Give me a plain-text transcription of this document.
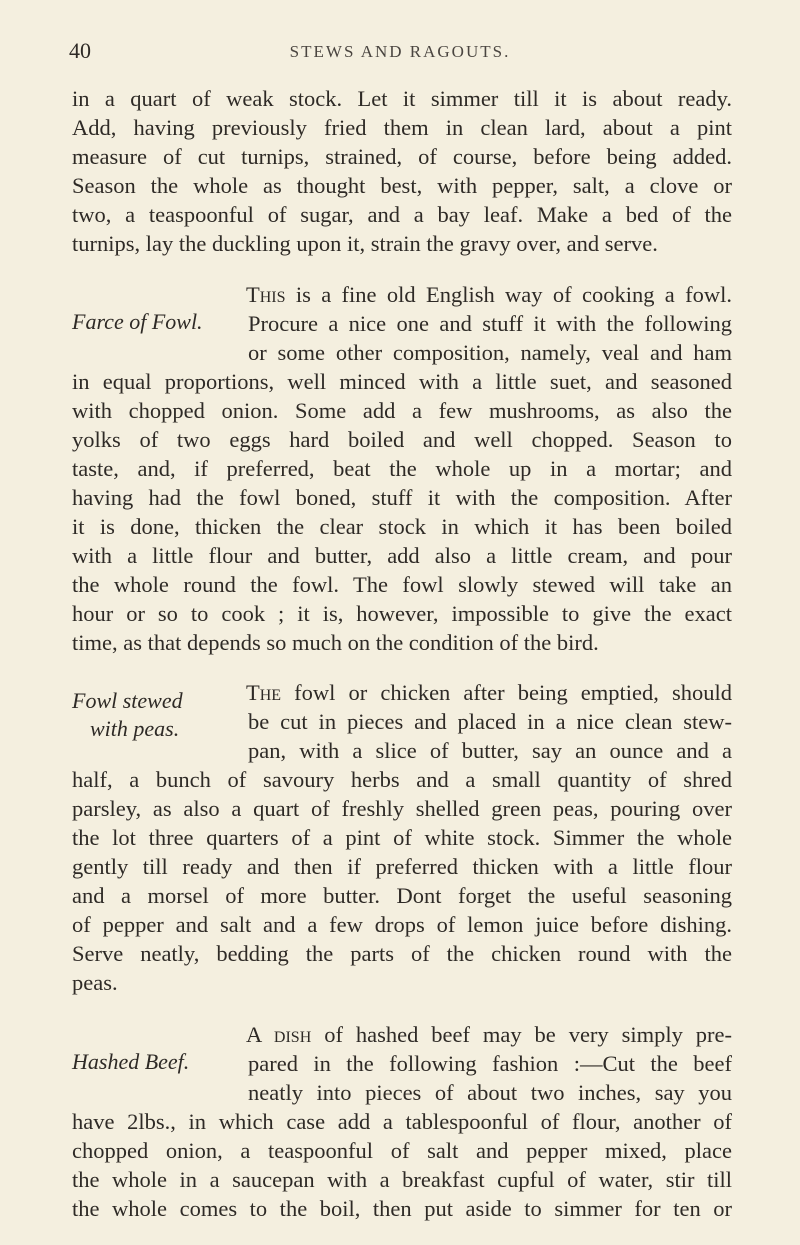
40	STEWS AND RAGOUTS.
in a quart of weak stock. Let it simmer till it is about ready.
Add, having previously fried them in clean lard, about a pint
measure of cut turnips, strained, of course, before being added.
Season the whole as thought best, with pepper, salt, a clove or
two, a teaspoonful of sugar, and a bay leaf. Make a bed of the
turnips, lay the duckling upon it, strain the gravy over, and serve.
This is a fine old English way of cooking a fowl.
Farce of Fowl. Procure a nice one and stuff it with the following
or some other composition, namely, veal and ham
in equal proportions, well minced with a little suet, and seasoned
with chopped onion. Some add a few mushrooms, as also the
yolks of two eggs hard boiled and well chopped. Season to
taste, and, if preferred, beat the whole up in a mortar; and
having had the fowl boned, stuff it with the composition. After
it is done, thicken the clear stock in which it has been boiled
with a little flour and butter, add also a little cream, and pour
the whole round the fowl. The fowl slowly stewed will take an
hour or so to cook ; it is, however, impossible to give the exact
time, as that depends so much on the condition of the bird.
The fowl or chicken after being emptied, should
Fowl stewed
be cut in pieces and placed in a nice clean stew-
with peas.
pan, with a slice of butter, say an ounce and a
half, a bunch of savoury herbs and a small quantity of shred
parsley, as also a quart of freshly shelled green peas, pouring over
the lot three quarters of a pint of white stock. Simmer the whole
gently till ready and then if preferred thicken with a little flour
and a morsel of more butter. Dont forget the useful seasoning
of pepper and salt and a few drops of lemon juice before dishing.
Serve neatly, bedding the parts of the chicken round with the
peas.
A dish of hashed beef may be very simply pre-
Hashed Beef.	pared in the following fashion :—Cut the beef
neatly into pieces of about two inches, say you
have 2lbs., in which case add a tablespoonful of flour, another of
chopped onion, a teaspoonful of salt and pepper mixed, place
the whole in a saucepan with a breakfast cupful of water, stir till
the whole comes to the boil, then put aside to simmer for ten or
